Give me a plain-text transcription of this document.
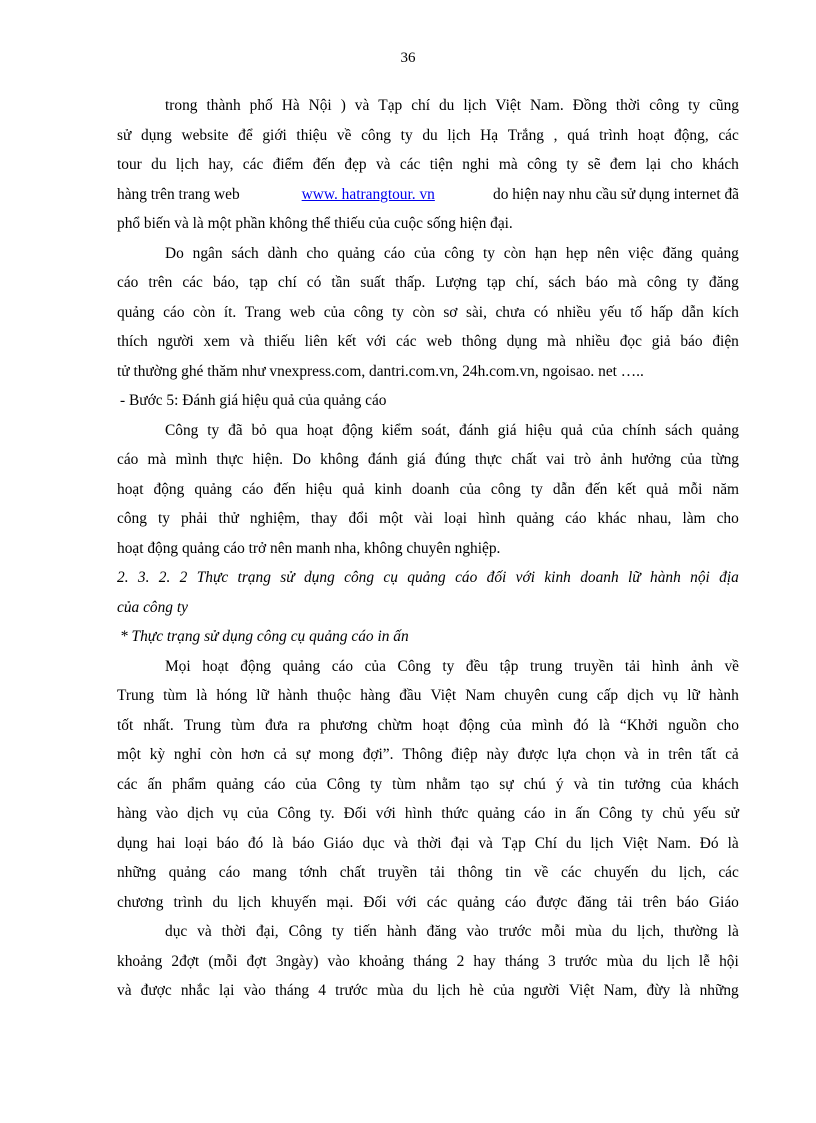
36
trong thành phố Hà Nội ) và Tạp chí du lịch Việt Nam. Đồng thời công ty cũng
sử dụng website để giới thiệu về công ty du lịch Hạ Trắng , quá trình hoạt động, các
tour du lịch hay, các điểm đến đẹp và các tiện nghi mà công ty sẽ đem lại cho khách
hàng trên trang web	www. hatrangtour. vn	do hiện nay nhu cầu sử dụng internet đã
phổ biến và là một phần không thể thiếu của cuộc sống hiện đại.
Do ngân sách dành cho quảng cáo của công ty còn hạn hẹp nên việc đăng quảng
cáo trên các báo, tạp chí có tần suất thấp. Lượng tạp chí, sách báo mà công ty đăng
quảng cáo còn ít. Trang web của công ty còn sơ sài, chưa có nhiều yếu tố hấp dẫn kích
thích người xem và thiếu liên kết với các web thông dụng mà nhiều đọc giả báo điện
tử thường ghé thăm như vnexpress.com, dantri.com.vn, 24h.com.vn, ngoisao. net …..
- Bước 5: Đánh giá hiệu quả của quảng cáo
Công ty đã bỏ qua hoạt động kiểm soát, đánh giá hiệu quả của chính sách quảng
cáo mà mình thực hiện. Do không đánh giá đúng thực chất vai trò ảnh hưởng của từng
hoạt động quảng cáo đến hiệu quả kinh doanh của công ty dẫn đến kết quả mỗi năm
công ty phải thử nghiệm, thay đổi một vài loại hình quảng cáo khác nhau, làm cho
hoạt động quảng cáo trở nên manh nha, không chuyên nghiệp.
2. 3. 2. 2 Thực trạng sử dụng công cụ quảng cáo đối với kinh doanh lữ hành nội địa
của công ty
* Thực trạng sử dụng công cụ quảng cáo in ấn
Mọi hoạt động quảng cáo của Công ty đều tập trung truyền tải hình ảnh về
Trung tùm là hóng lữ hành thuộc hàng đầu Việt Nam chuyên cung cấp dịch vụ lữ hành
tốt nhất. Trung tùm đưa ra phương chừm hoạt động của mình đó là “Khởi nguồn cho
một kỳ nghỉ còn hơn cả sự mong đợi”. Thông điệp này được lựa chọn và in trên tất cả
các ấn phẩm quảng cáo của Công ty tùm nhằm tạo sự chú ý và tin tưởng của khách
hàng vào dịch vụ của Công ty. Đối với hình thức quảng cáo in ấn Công ty chủ yếu sử
dụng hai loại báo đó là báo Giáo dục và thời đại và Tạp Chí du lịch Việt Nam. Đó là
những quảng cáo mang tớnh chất truyền tải thông tin về các chuyến du lịch, các
chương trình du lịch khuyến mại. Đối với các quảng cáo được đăng tải trên báo Giáo
dục và thời đại, Công ty tiến hành đăng vào trước mỗi mùa du lịch, thường là
khoảng 2đợt (mỗi đợt 3ngày) vào khoảng tháng 2 hay tháng 3 trước mùa du lịch lễ hội
và được nhắc lại vào tháng 4 trước mùa du lịch hè của người Việt Nam, đừy là những
